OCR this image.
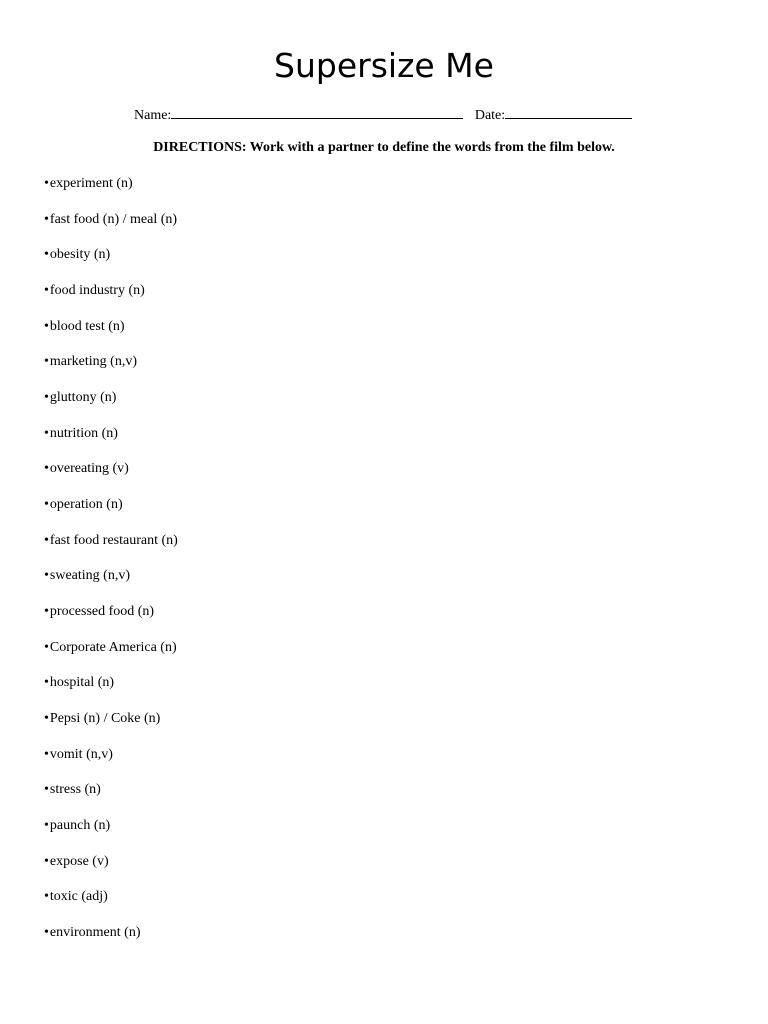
Supersize Me
Name:	Date:

DIRECTIONS: Work with a partner to define the words from the film below.

•experiment (n)
•fast food (n) / meal (n)
•obesity (n)
•food industry (n)
•blood test (n)
•marketing (n,v)
•gluttony (n)
•nutrition (n)
•overeating (v)
•operation (n)
•fast food restaurant (n)
•sweating (n,v)
•processed food (n)
•Corporate America (n)
•hospital (n)
•Pepsi (n) / Coke (n)
•vomit (n,v)
•stress (n)
•paunch (n)
•expose (v)
•toxic (adj)
•environment (n)
